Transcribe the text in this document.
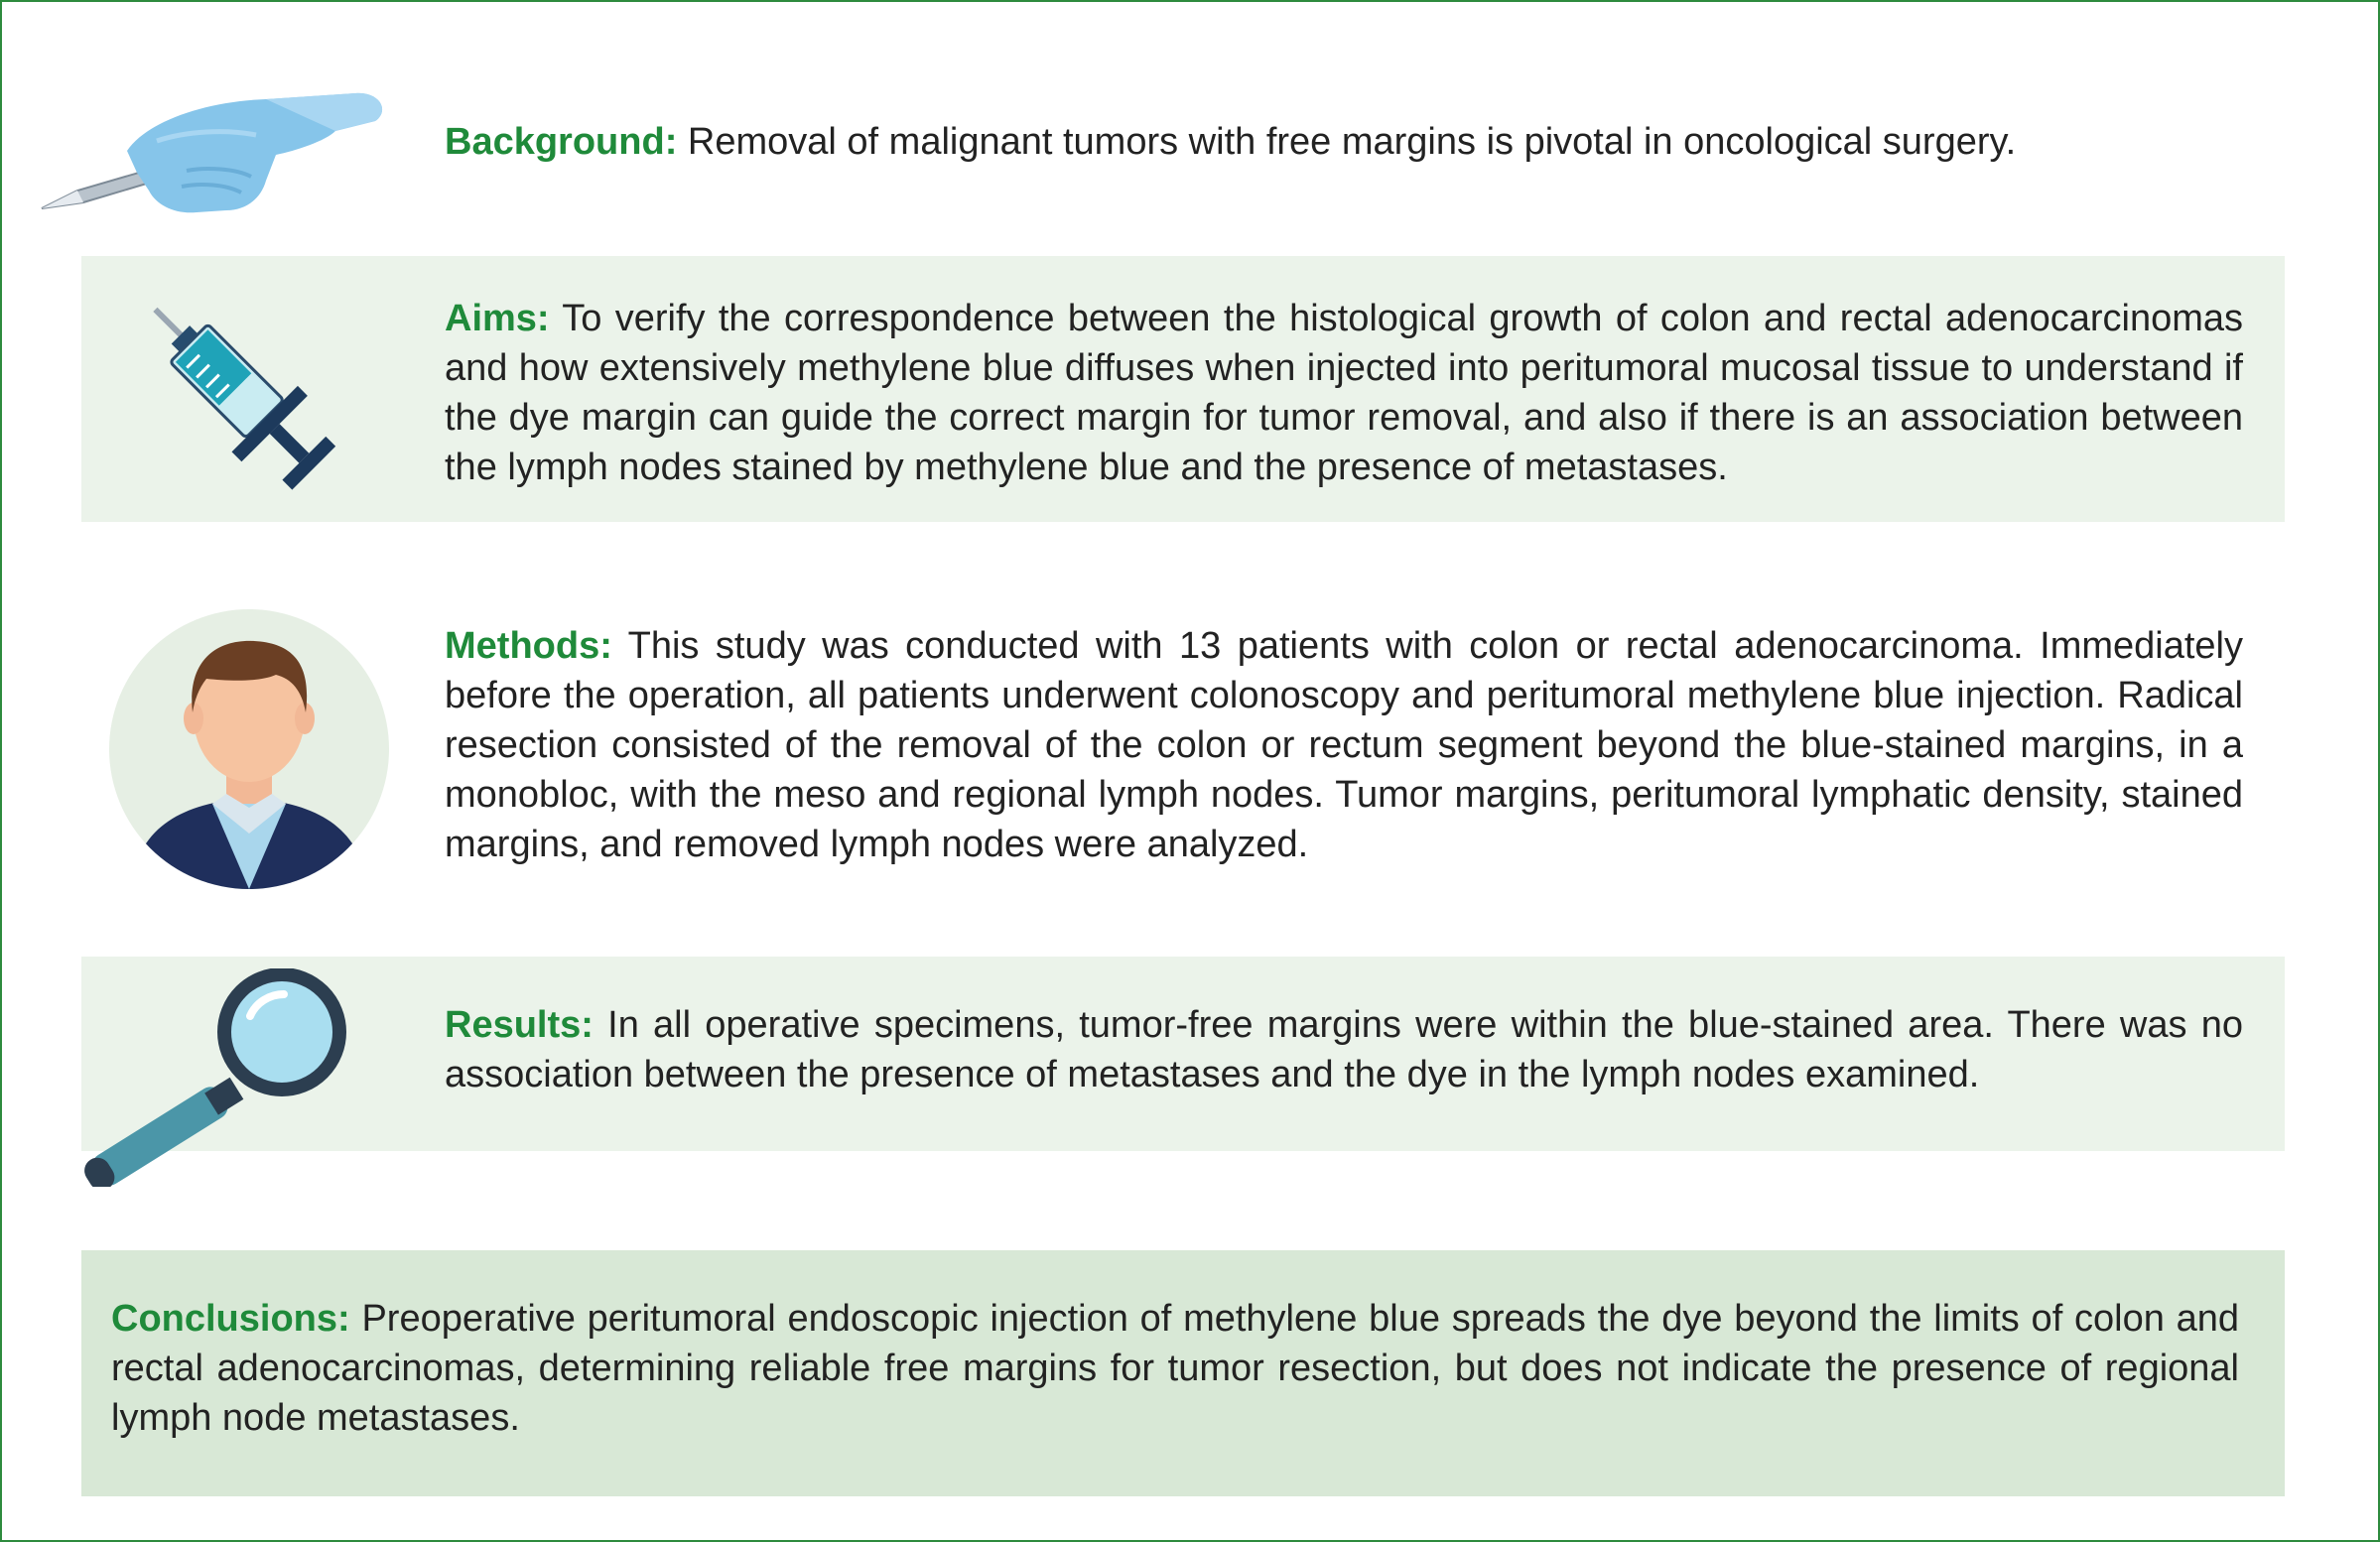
Background: Removal of malignant tumors with free margins is pivotal in oncological surgery.
Aims: To verify the correspondence between the histological growth of colon and rectal adenocarcinomas and how extensively methylene blue diffuses when injected into peritumoral mucosal tissue to understand if the dye margin can guide the correct margin for tumor removal, and also if there is an association between the lymph nodes stained by methylene blue and the presence of metastases.
Methods: This study was conducted with 13 patients with colon or rectal adenocarcinoma. Immediately before the operation, all patients underwent colonoscopy and peritumoral methylene blue injection. Radical resection consisted of the removal of the colon or rectum segment beyond the blue-stained margins, in a monobloc, with the meso and regional lymph nodes. Tumor margins, peritumoral lymphatic density, stained margins, and removed lymph nodes were analyzed.
Results: In all operative specimens, tumor-free margins were within the blue-stained area. There was no association between the presence of metastases and the dye in the lymph nodes examined.
Conclusions: Preoperative peritumoral endoscopic injection of methylene blue spreads the dye beyond the limits of colon and rectal adenocarcinomas, determining reliable free margins for tumor resection, but does not indicate the presence of regional lymph node metastases.
